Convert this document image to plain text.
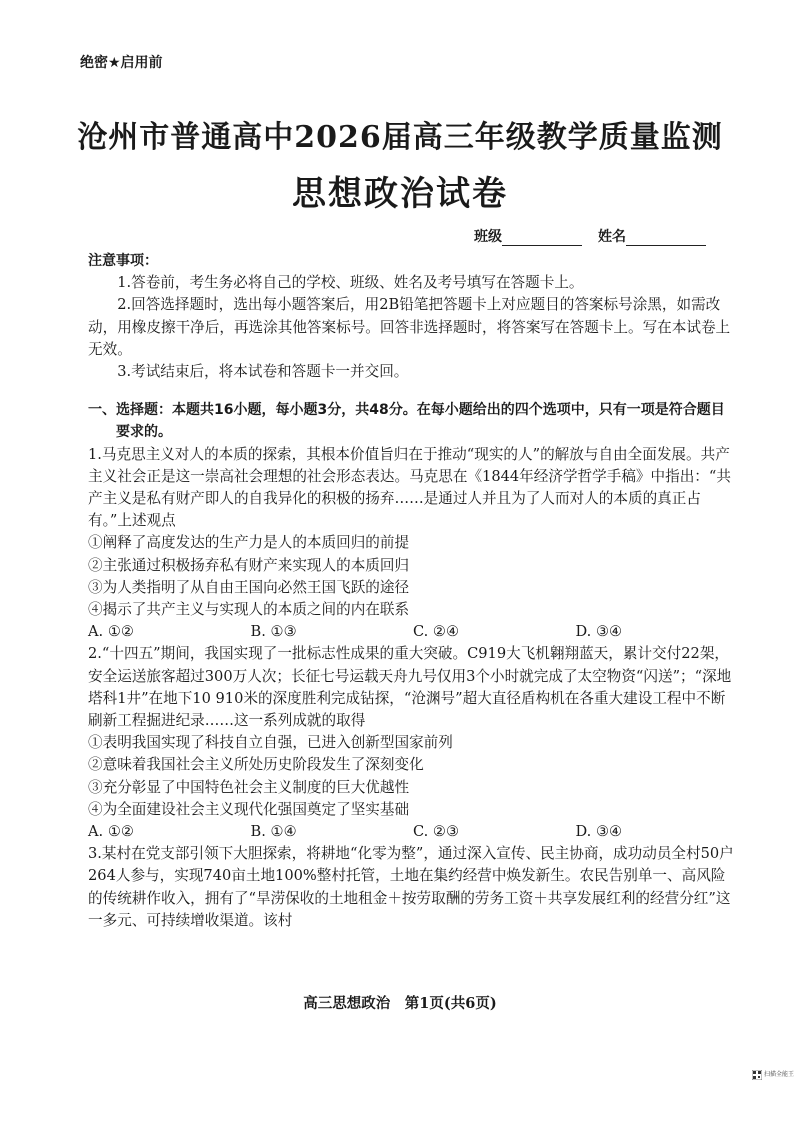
绝密★启用前
沧州市普通高中2026届高三年级教学质量监测
思想政治试卷
班级	姓名

注意事项：

1.答卷前，考生务必将自己的学校、班级、姓名及考号填写在答题卡上。

2.回答选择题时，选出每小题答案后，用2B铅笔把答题卡上对应题目的答案标号涂黑，如需改动，用橡皮擦干净后，再选涂其他答案标号。回答非选择题时，将答案写在答题卡上。写在本试卷上无效。

3.考试结束后，将本试卷和答题卡一并交回。

一、选择题：本题共16小题，每小题3分，共48分。在每小题给出的四个选项中，只有一项是符合题目要求的。

1.马克思主义对人的本质的探索，其根本价值旨归在于推动“现实的人”的解放与自由全面发展。共产主义社会正是这一崇高社会理想的社会形态表达。马克思在《1844年经济学哲学手稿》中指出：“共产主义是私有财产即人的自我异化的积极的扬弃……是通过人并且为了人而对人的本质的真正占有。”上述观点

①阐释了高度发达的生产力是人的本质回归的前提

②主张通过积极扬弃私有财产来实现人的本质回归

③为人类指明了从自由王国向必然王国飞跃的途径

④揭示了共产主义与实现人的本质之间的内在联系

A. ①②	B. ①③	C. ②④	D. ③④

2.“十四五”期间，我国实现了一批标志性成果的重大突破。C919大飞机翱翔蓝天，累计交付22架，安全运送旅客超过300万人次；长征七号运载天舟九号仅用3个小时就完成了太空物资“闪送”；“深地塔科1井”在地下10 910米的深度胜利完成钻探，“沧渊号”超大直径盾构机在各重大建设工程中不断刷新工程掘进纪录……这一系列成就的取得

①表明我国实现了科技自立自强，已进入创新型国家前列

②意味着我国社会主义所处历史阶段发生了深刻变化

③充分彰显了中国特色社会主义制度的巨大优越性

④为全面建设社会主义现代化强国奠定了坚实基础

A. ①②	B. ①④	C. ②③	D. ③④

3.某村在党支部引领下大胆探索，将耕地“化零为整”，通过深入宣传、民主协商，成功动员全村50户264人参与，实现740亩土地100%整村托管，土地在集约经营中焕发新生。农民告别单一、高风险的传统耕作收入，拥有了“旱涝保收的土地租金＋按劳取酬的劳务工资＋共享发展红利的经营分红”这一多元、可持续增收渠道。该村

高三思想政治　第1页(共6页)
扫描全能王
